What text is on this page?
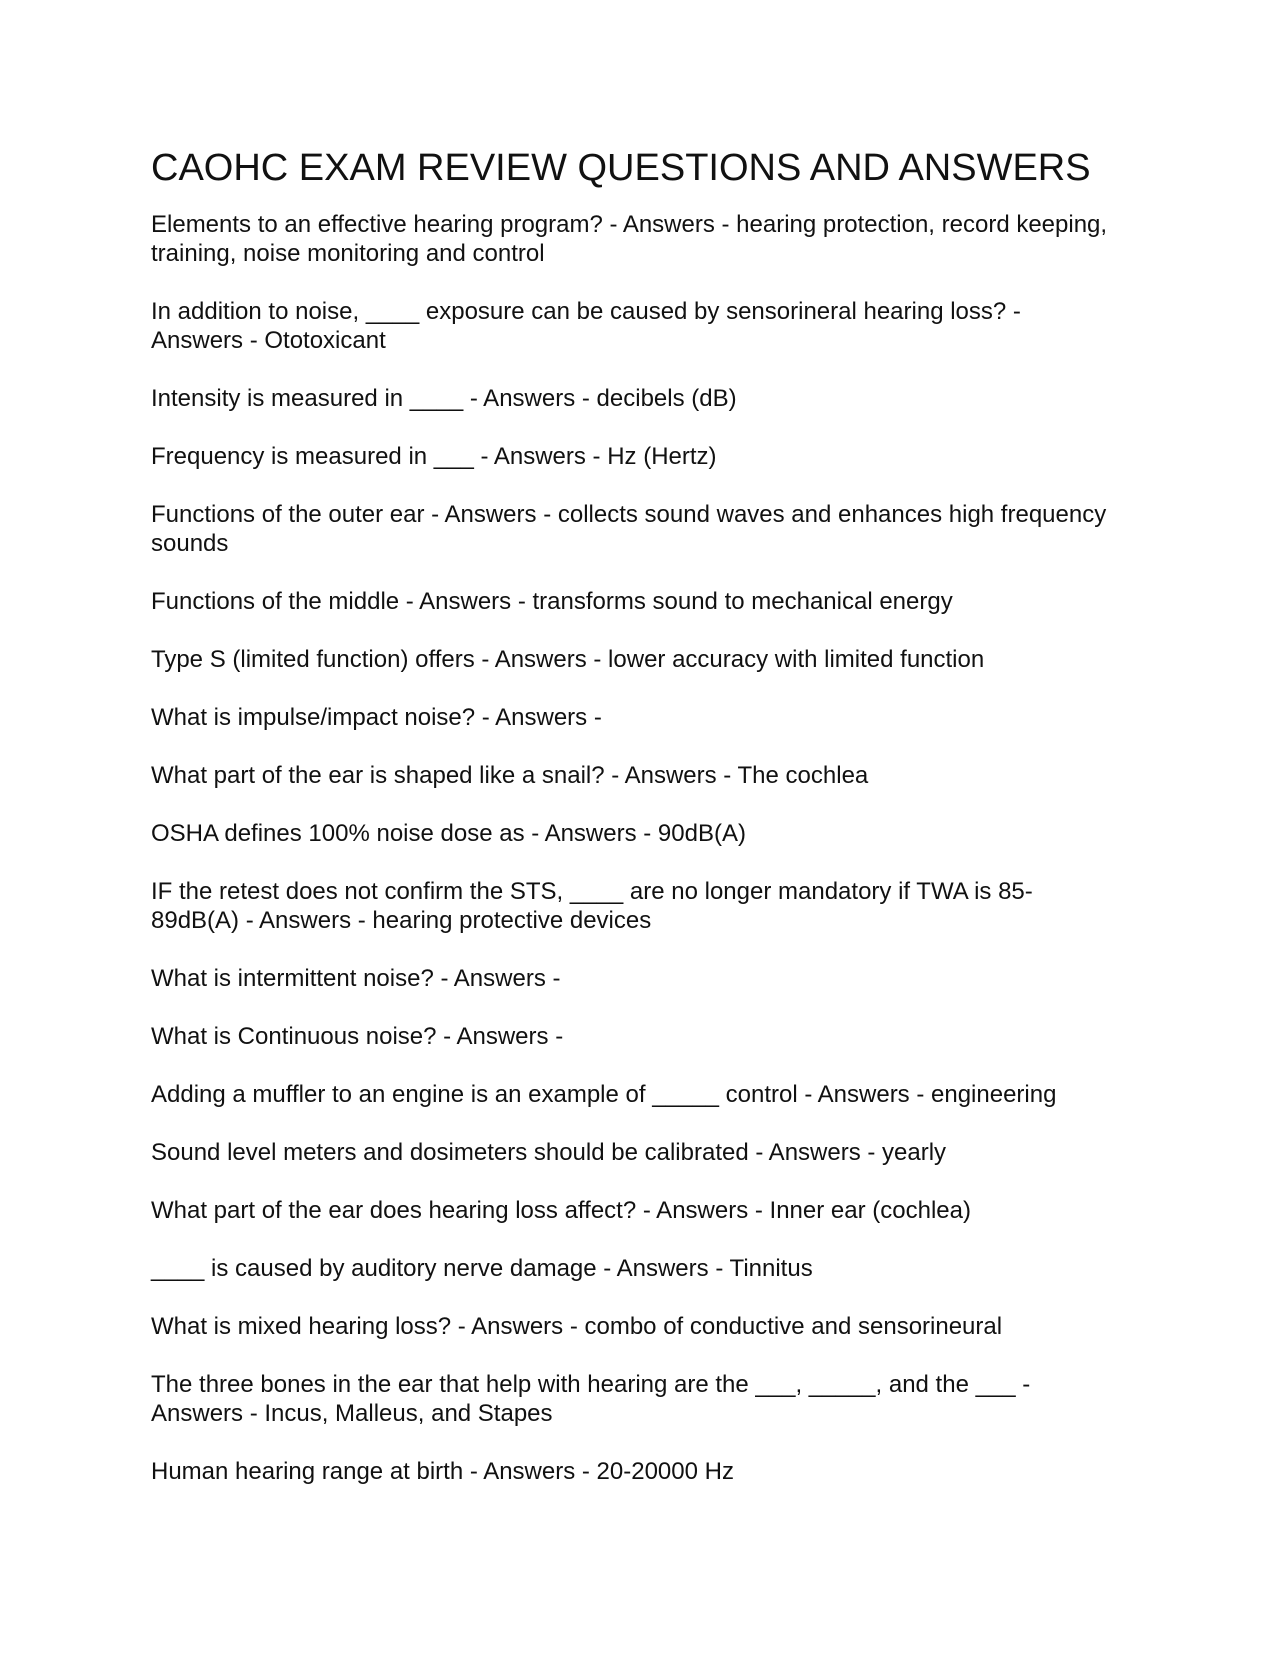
CAOHC EXAM REVIEW QUESTIONS AND ANSWERS

Elements to an effective hearing program? - Answers - hearing protection, record keeping, training, noise monitoring and control

In addition to noise, ____ exposure can be caused by sensorineral hearing loss? - Answers - Ototoxicant

Intensity is measured in ____ - Answers - decibels (dB)

Frequency is measured in ___ - Answers - Hz (Hertz)

Functions of the outer ear - Answers - collects sound waves and enhances high frequency sounds

Functions of the middle - Answers - transforms sound to mechanical energy

Type S (limited function) offers - Answers - lower accuracy with limited function

What is impulse/impact noise? - Answers -

What part of the ear is shaped like a snail? - Answers - The cochlea

OSHA defines 100% noise dose as - Answers - 90dB(A)

IF the retest does not confirm the STS, ____ are no longer mandatory if TWA is 85-89dB(A) - Answers - hearing protective devices

What is intermittent noise? - Answers -

What is Continuous noise? - Answers -

Adding a muffler to an engine is an example of _____ control - Answers - engineering

Sound level meters and dosimeters should be calibrated - Answers - yearly

What part of the ear does hearing loss affect? - Answers - Inner ear (cochlea)

____ is caused by auditory nerve damage - Answers - Tinnitus

What is mixed hearing loss? - Answers - combo of conductive and sensorineural

The three bones in the ear that help with hearing are the ___, _____, and the ___ - Answers - Incus, Malleus, and Stapes

Human hearing range at birth - Answers - 20-20000 Hz
